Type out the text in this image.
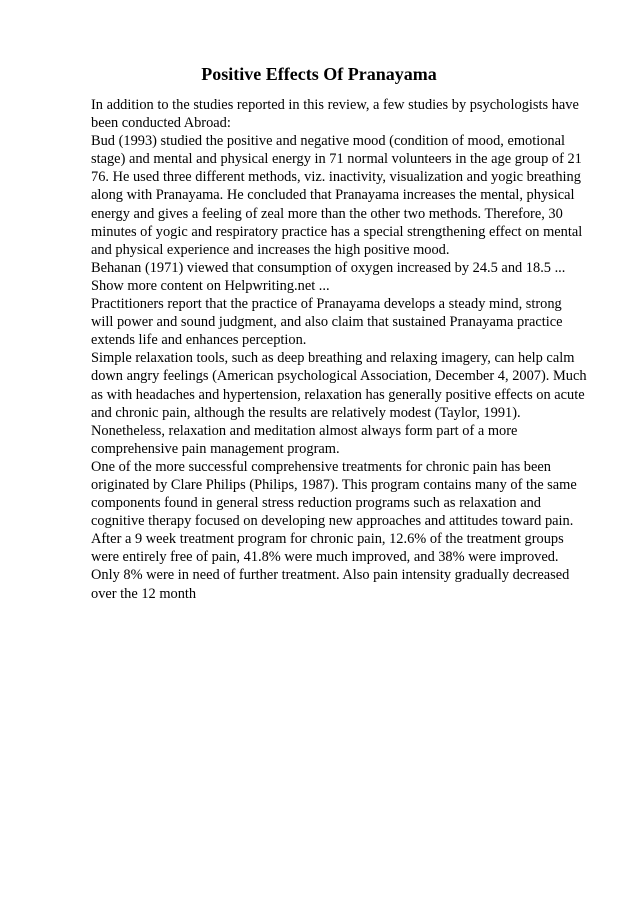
Positive Effects Of Pranayama
In addition to the studies reported in this review, a few studies by psychologists have
been conducted Abroad:
Bud (1993) studied the positive and negative mood (condition of mood, emotional
stage) and mental and physical energy in 71 normal volunteers in the age group of 21
76. He used three different methods, viz. inactivity, visualization and yogic breathing
along with Pranayama. He concluded that Pranayama increases the mental, physical
energy and gives a feeling of zeal more than the other two methods. Therefore, 30
minutes of yogic and respiratory practice has a special strengthening effect on mental
and physical experience and increases the high positive mood.
Behanan (1971) viewed that consumption of oxygen increased by 24.5 and 18.5 ...
Show more content on Helpwriting.net ...
Practitioners report that the practice of Pranayama develops a steady mind, strong
will power and sound judgment, and also claim that sustained Pranayama practice
extends life and enhances perception.
Simple relaxation tools, such as deep breathing and relaxing imagery, can help calm
down angry feelings (American psychological Association, December 4, 2007). Much
as with headaches and hypertension, relaxation has generally positive effects on acute
and chronic pain, although the results are relatively modest (Taylor, 1991).
Nonetheless, relaxation and meditation almost always form part of a more
comprehensive pain management program.
One of the more successful comprehensive treatments for chronic pain has been
originated by Clare Philips (Philips, 1987). This program contains many of the same
components found in general stress reduction programs such as relaxation and
cognitive therapy focused on developing new approaches and attitudes toward pain.
After a 9 week treatment program for chronic pain, 12.6% of the treatment groups
were entirely free of pain, 41.8% were much improved, and 38% were improved.
Only 8% were in need of further treatment. Also pain intensity gradually decreased
over the 12 month
